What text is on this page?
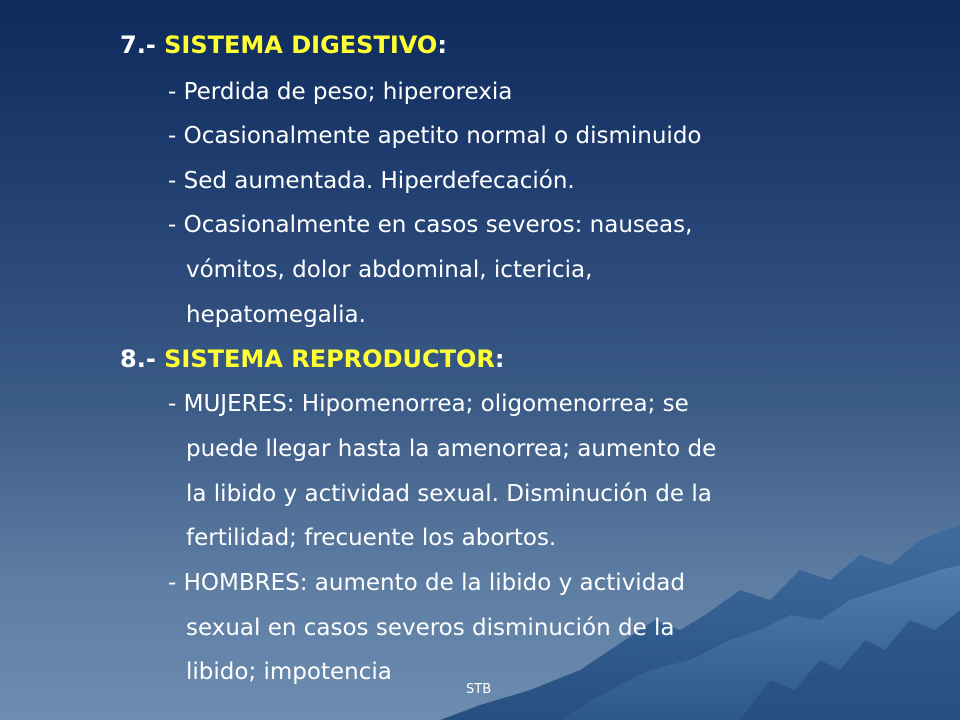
7.- SISTEMA DIGESTIVO:
- Perdida de peso; hiperorexia
- Ocasionalmente apetito normal o disminuido
- Sed aumentada. Hiperdefecación.
- Ocasionalmente en casos severos: nauseas,
vómitos, dolor abdominal, ictericia,
hepatomegalia.
8.- SISTEMA REPRODUCTOR:
- MUJERES: Hipomenorrea; oligomenorrea; se
puede llegar hasta la amenorrea; aumento de
la libido y actividad sexual. Disminución de la
fertilidad; frecuente los abortos.
- HOMBRES: aumento de la libido y actividad
sexual en casos severos disminución de la
libido; impotencia
STB
